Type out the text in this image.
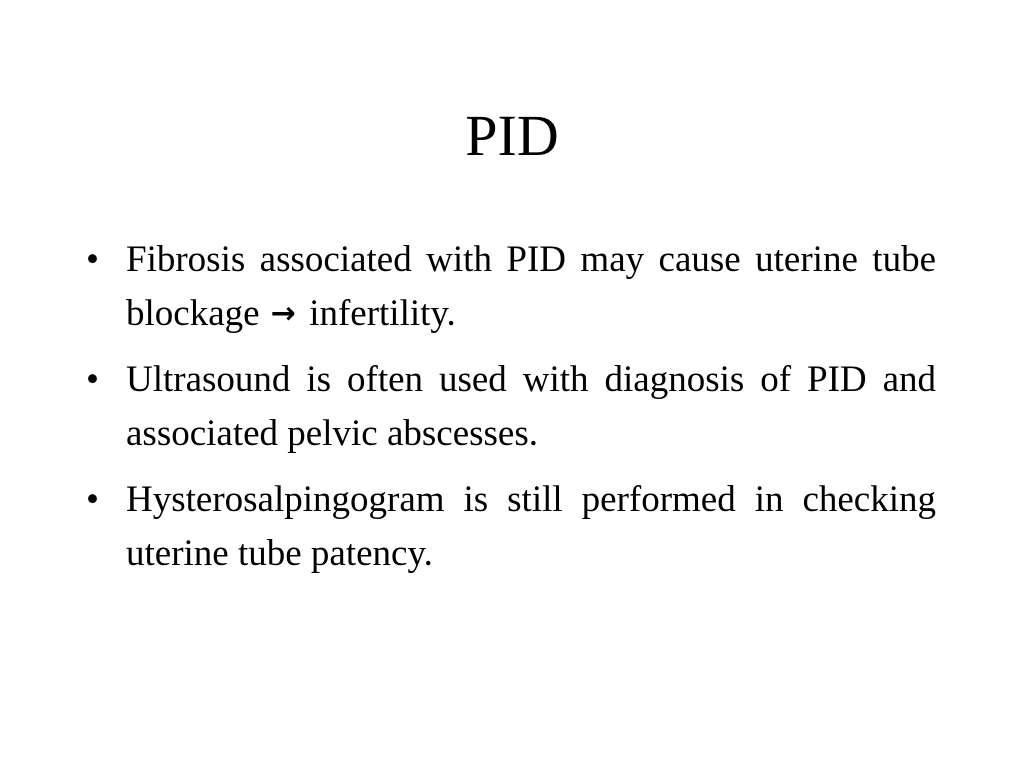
PID
• Fibrosis associated with PID may cause uterine tube blockage → infertility.
• Ultrasound is often used with diagnosis of PID and associated pelvic abscesses.
• Hysterosalpingogram is still performed in checking uterine tube patency.
